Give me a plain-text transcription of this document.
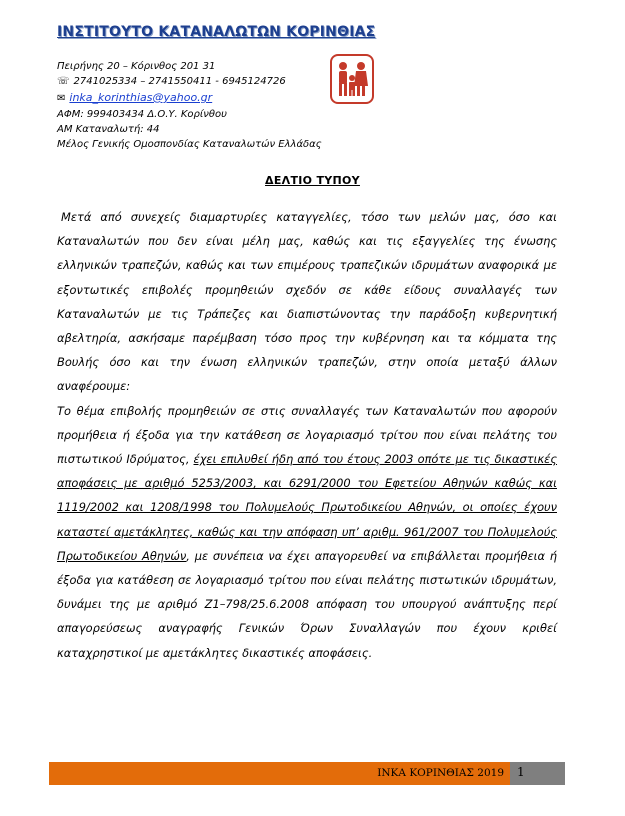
ΙΝΣΤΙΤΟΥΤΟ ΚΑΤΑΝΑΛΩΤΩΝ ΚΟΡΙΝΘΙΑΣ
Πειρήνης 20 – Κόρινθος 201 31
☏ 2741025334 – 2741550411 - 6945124726
✉ inka_korinthias@yahoo.gr
ΑΦΜ: 999403434 Δ.Ο.Υ. Κορίνθου
ΑΜ Καταναλωτή: 44
Μέλος Γενικής Ομοσπονδίας Καταναλωτών Ελλάδας
ΔΕΛΤΙΟ ΤΥΠΟΥ

Μετά από συνεχείς διαμαρτυρίες καταγγελίες, τόσο των μελών μας, όσο και Καταναλωτών που δεν είναι μέλη μας, καθώς και τις εξαγγελίες της ένωσης ελληνικών τραπεζών, καθώς και των επιμέρους τραπεζικών ιδρυμάτων αναφορικά με εξοντωτικές επιβολές προμηθειών σχεδόν σε κάθε είδους συναλλαγές των Καταναλωτών με τις Τράπεζες και διαπιστώνοντας την παράδοξη κυβερνητική αβελτηρία, ασκήσαμε παρέμβαση τόσο προς την κυβέρνηση και τα κόμματα της Βουλής όσο και την ένωση ελληνικών τραπεζών, στην οποία μεταξύ άλλων αναφέρουμε:

Το θέμα επιβολής προμηθειών σε στις συναλλαγές των Καταναλωτών που αφορούν προμήθεια ή έξοδα για την κατάθεση σε λογαριασμό τρίτου που είναι πελάτης του πιστωτικού Ιδρύματος, έχει επιλυθεί ήδη από του έτους 2003 οπότε με τις δικαστικές αποφάσεις με αριθμό 5253/2003, και 6291/2000 του Εφετείου Αθηνών καθώς και 1119/2002 και 1208/1998 του Πολυμελούς Πρωτοδικείου Αθηνών, οι οποίες έχουν καταστεί αμετάκλητες, καθώς και την απόφαση υπ’ αριθμ. 961/2007 του Πολυμελούς Πρωτοδικείου Αθηνών, με συνέπεια να έχει απαγορευθεί να επιβάλλεται προμήθεια ή έξοδα για κατάθεση σε λογαριασμό τρίτου που είναι πελάτης πιστωτικών ιδρυμάτων, δυνάμει της με αριθμό Ζ1–798/25.6.2008 απόφαση του υπουργού ανάπτυξης περί απαγορεύσεως αναγραφής Γενικών Όρων Συναλλαγών που έχουν κριθεί καταχρηστικοί με αμετάκλητες δικαστικές αποφάσεις.

ΙΝΚΑ ΚΟΡΙΝΘΙΑΣ 2019 1
